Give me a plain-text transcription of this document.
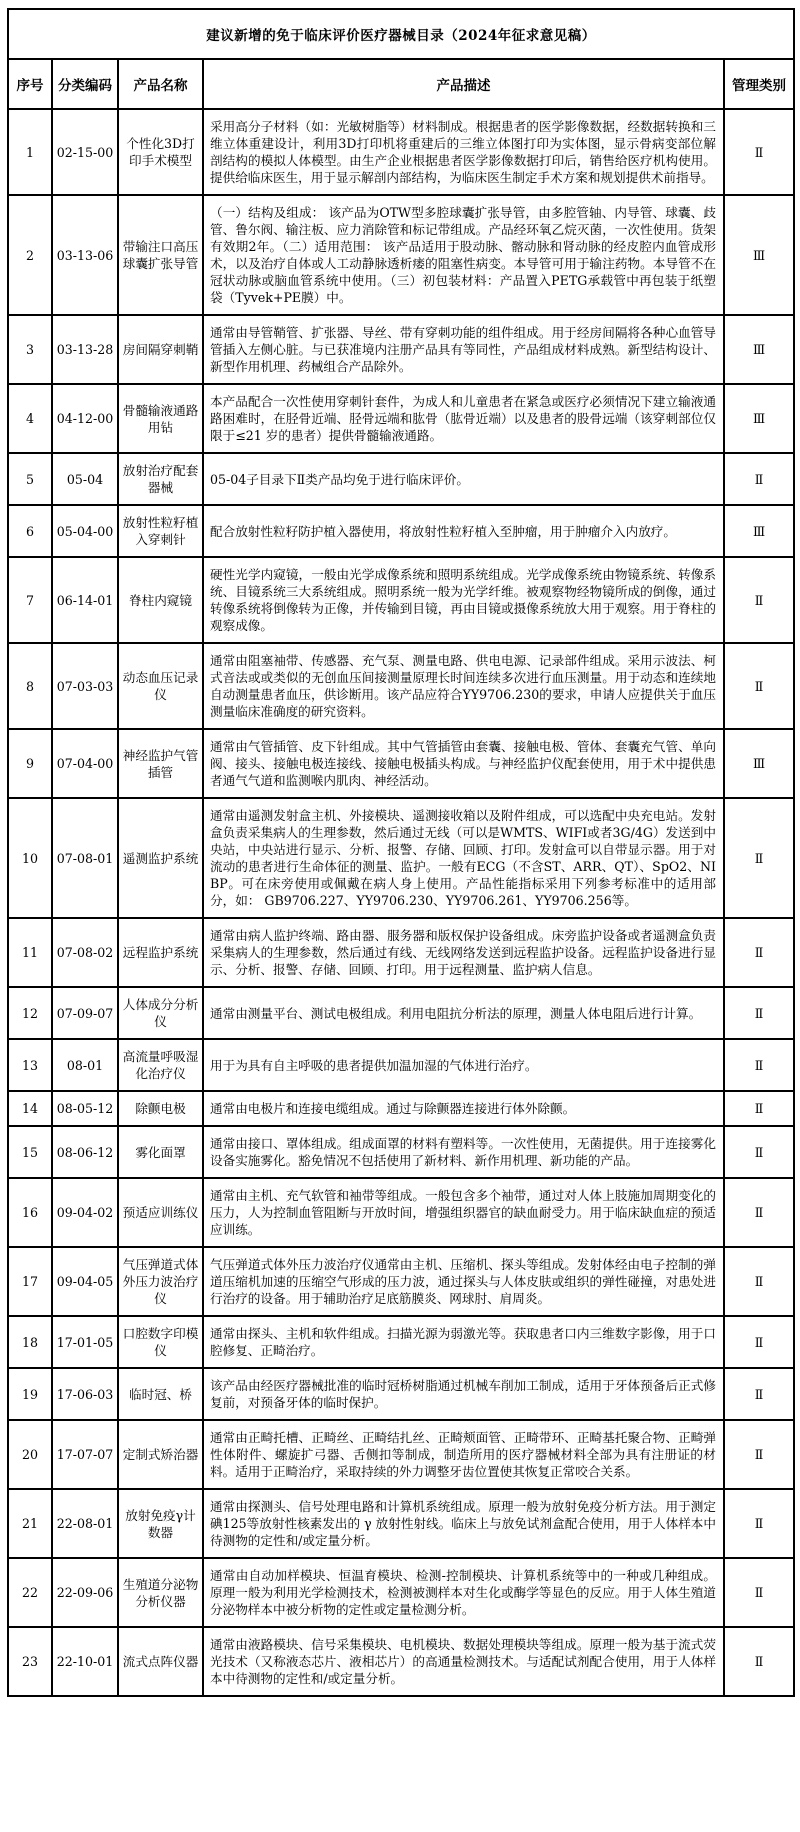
建议新增的免于临床评价医疗器械目录（2024年征求意见稿）				
序号	分类编码	产品名称	产品描述	管理类别
1	02-15-00	个性化3D打印手术模型	采用高分子材料（如：光敏树脂等）材料制成。根据患者的医学影像数据，经数据转换和三维立体重建设计，利用3D打印机将重建后的三维立体图打印为实体图，显示骨病变部位解剖结构的模拟人体模型。由生产企业根据患者医学影像数据打印后，销售给医疗机构使用。提供给临床医生，用于显示解剖内部结构，为临床医生制定手术方案和规划提供术前指导。	Ⅱ
2	03-13-06	带输注口高压球囊扩张导管	（一）结构及组成： 该产品为OTW型多腔球囊扩张导管，由多腔管轴、内导管、球囊、歧管、鲁尔阀、输注板、应力消除管和标记带组成。产品经环氧乙烷灭菌，一次性使用。货架有效期2年。（二）适用范围： 该产品适用于股动脉、髂动脉和肾动脉的经皮腔内血管成形术，以及治疗自体或人工动静脉透析瘘的阻塞性病变。本导管可用于输注药物。本导管不在冠状动脉或脑血管系统中使用。（三）初包装材料：产品置入PETG承载管中再包装于纸塑袋（Tyvek+PE膜）中。	Ⅲ
3	03-13-28	房间隔穿刺鞘	通常由导管鞘管、扩张器、导丝、带有穿刺功能的组件组成。用于经房间隔将各种心血管导管插入左侧心脏。与已获准境内注册产品具有等同性，产品组成材料成熟。新型结构设计、新型作用机理、药械组合产品除外。	Ⅲ
4	04-12-00	骨髓输液通路用钻	本产品配合一次性使用穿刺针套件，为成人和儿童患者在紧急或医疗必须情况下建立输液通路困难时，在胫骨近端、胫骨远端和肱骨（肱骨近端）以及患者的股骨远端（该穿刺部位仅限于≤21 岁的患者）提供骨髓输液通路。	Ⅲ
5	05-04	放射治疗配套器械	05-04子目录下Ⅱ类产品均免于进行临床评价。	Ⅱ
6	05-04-00	放射性粒籽植入穿刺针	配合放射性粒籽防护植入器使用，将放射性粒籽植入至肿瘤，用于肿瘤介入内放疗。	Ⅲ
7	06-14-01	脊柱内窥镜	硬性光学内窥镜，一般由光学成像系统和照明系统组成。光学成像系统由物镜系统、转像系统、目镜系统三大系统组成。照明系统一般为光学纤维。被观察物经物镜所成的倒像，通过转像系统将倒像转为正像，并传输到目镜，再由目镜或摄像系统放大用于观察。用于脊柱的观察成像。	Ⅱ
8	07-03-03	动态血压记录仪	通常由阻塞袖带、传感器、充气泵、测量电路、供电电源、记录部件组成。采用示波法、柯式音法或或类似的无创血压间接测量原理长时间连续多次进行血压测量。用于动态和连续地自动测量患者血压，供诊断用。该产品应符合YY9706.230的要求，申请人应提供关于血压测量临床准确度的研究资料。	Ⅱ
9	07-04-00	神经监护气管插管	通常由气管插管、皮下针组成。其中气管插管由套囊、接触电极、管体、套囊充气管、单向阀、接头、接触电极连接线、接触电极插头构成。与神经监护仪配套使用，用于术中提供患者通气气道和监测喉内肌肉、神经活动。	Ⅲ
10	07-08-01	遥测监护系统	通常由遥测发射盒主机、外接模块、遥测接收箱以及附件组成，可以选配中央充电站。发射盒负责采集病人的生理参数，然后通过无线（可以是WMTS、WIFI或者3G/4G）发送到中央站，中央站进行显示、分析、报警、存储、回顾、打印。发射盒可以自带显示器。用于对流动的患者进行生命体征的测量、监护。一般有ECG（不含ST、ARR、QT）、SpO2、NIBP。可在床旁使用或佩戴在病人身上使用。产品性能指标采用下列参考标准中的适用部分，如： GB9706.227、YY9706.230、YY9706.261、YY9706.256等。	Ⅱ
11	07-08-02	远程监护系统	通常由病人监护终端、路由器、服务器和版权保护设备组成。床旁监护设备或者遥测盒负责采集病人的生理参数，然后通过有线、无线网络发送到远程监护设备。远程监护设备进行显示、分析、报警、存储、回顾、打印。用于远程测量、监护病人信息。	Ⅱ
12	07-09-07	人体成分分析仪	通常由测量平台、测试电极组成。利用电阻抗分析法的原理，测量人体电阻后进行计算。	Ⅱ
13	08-01	高流量呼吸湿化治疗仪	用于为具有自主呼吸的患者提供加温加湿的气体进行治疗。	Ⅱ
14	08-05-12	除颤电极	通常由电极片和连接电缆组成。通过与除颤器连接进行体外除颤。	Ⅱ
15	08-06-12	雾化面罩	通常由接口、罩体组成。组成面罩的材料有塑料等。一次性使用，无菌提供。用于连接雾化设备实施雾化。豁免情况不包括使用了新材料、新作用机理、新功能的产品。	Ⅱ
16	09-04-02	预适应训练仪	通常由主机、充气软管和袖带等组成。一般包含多个袖带，通过对人体上肢施加周期变化的压力，人为控制血管阻断与开放时间，增强组织器官的缺血耐受力。用于临床缺血症的预适应训练。	Ⅱ
17	09-04-05	气压弹道式体外压力波治疗仪	气压弹道式体外压力波治疗仪通常由主机、压缩机、探头等组成。发射体经由电子控制的弹道压缩机加速的压缩空气形成的压力波，通过探头与人体皮肤或组织的弹性碰撞，对患处进行治疗的设备。用于辅助治疗足底筋膜炎、网球肘、肩周炎。	Ⅱ
18	17-01-05	口腔数字印模仪	通常由探头、主机和软件组成。扫描光源为弱激光等。获取患者口内三维数字影像，用于口腔修复、正畸治疗。	Ⅱ
19	17-06-03	临时冠、桥	该产品由经医疗器械批准的临时冠桥树脂通过机械车削加工制成，适用于牙体预备后正式修复前，对预备牙体的临时保护。	Ⅱ
20	17-07-07	定制式矫治器	通常由正畸托槽、正畸丝、正畸结扎丝、正畸颊面管、正畸带环、正畸基托聚合物、正畸弹性体附件、螺旋扩弓器、舌侧扣等制成，制造所用的医疗器械材料全部为具有注册证的材料。适用于正畸治疗，采取持续的外力调整牙齿位置使其恢复正常咬合关系。	Ⅱ
21	22-08-01	放射免疫γ计数器	通常由探测头、信号处理电路和计算机系统组成。原理一般为放射免疫分析方法。用于测定碘125等放射性核素发出的 γ 放射性射线。临床上与放免试剂盒配合使用，用于人体样本中待测物的定性和/或定量分析。	Ⅱ
22	22-09-06	生殖道分泌物分析仪器	通常由自动加样模块、恒温育模块、检测-控制模块、计算机系统等中的一种或几种组成。原理一般为利用光学检测技术，检测被测样本对生化或酶学等显色的反应。用于人体生殖道分泌物样本中被分析物的定性或定量检测分析。	Ⅱ
23	22-10-01	流式点阵仪器	通常由液路模块、信号采集模块、电机模块、数据处理模块等组成。原理一般为基于流式荧光技术（又称液态芯片、液相芯片）的高通量检测技术。与适配试剂配合使用，用于人体样本中待测物的定性和/或定量分析。	Ⅱ
